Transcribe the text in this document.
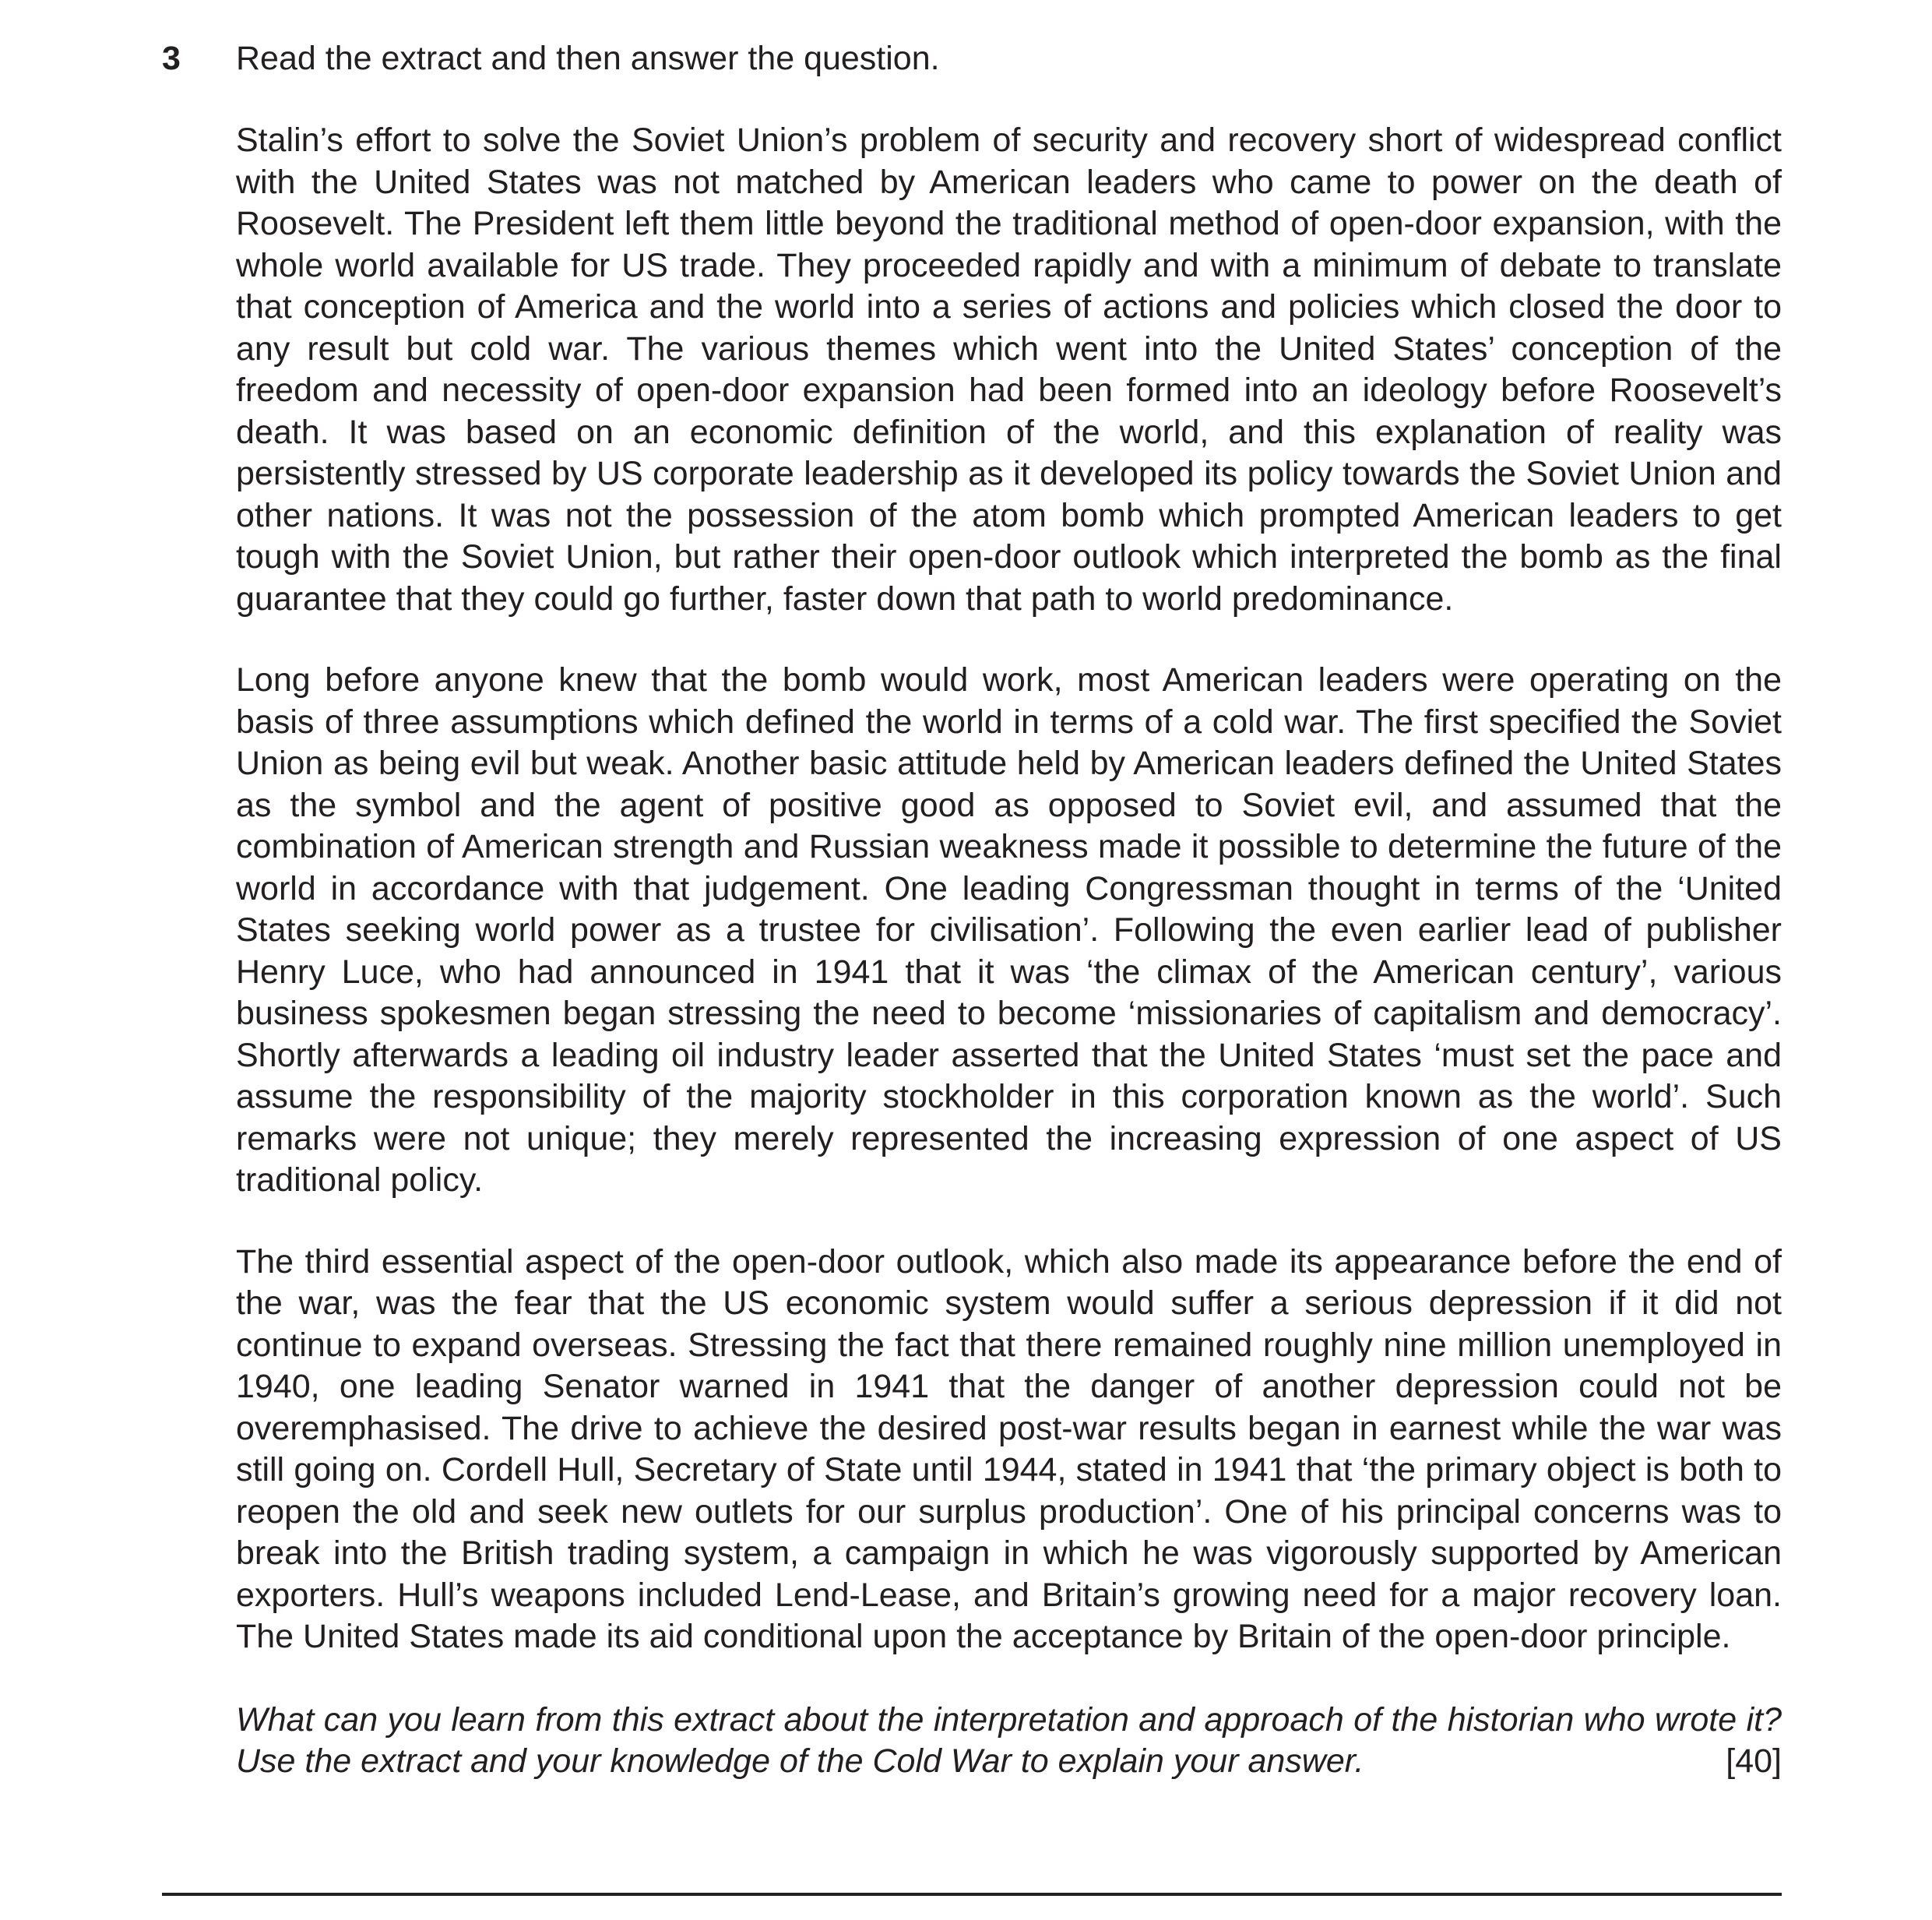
3 Read the extract and then answer the question.

Stalin’s effort to solve the Soviet Union’s problem of security and recovery short of widespread conflict with the United States was not matched by American leaders who came to power on the death of Roosevelt. The President left them little beyond the traditional method of open-door expansion, with the whole world available for US trade. They proceeded rapidly and with a minimum of debate to translate that conception of America and the world into a series of actions and policies which closed the door to any result but cold war. The various themes which went into the United States’ conception of the freedom and necessity of open-door expansion had been formed into an ideology before Roosevelt’s death. It was based on an economic definition of the world, and this explanation of reality was persistently stressed by US corporate leadership as it developed its policy towards the Soviet Union and other nations. It was not the possession of the atom bomb which prompted American leaders to get tough with the Soviet Union, but rather their open-door outlook which interpreted the bomb as the final guarantee that they could go further, faster down that path to world predominance.

Long before anyone knew that the bomb would work, most American leaders were operating on the basis of three assumptions which defined the world in terms of a cold war. The first specified the Soviet Union as being evil but weak. Another basic attitude held by American leaders defined the United States as the symbol and the agent of positive good as opposed to Soviet evil, and assumed that the combination of American strength and Russian weakness made it possible to determine the future of the world in accordance with that judgement. One leading Congressman thought in terms of the ‘United States seeking world power as a trustee for civilisation’. Following the even earlier lead of publisher Henry Luce, who had announced in 1941 that it was ‘the climax of the American century’, various business spokesmen began stressing the need to become ‘missionaries of capitalism and democracy’. Shortly afterwards a leading oil industry leader asserted that the United States ‘must set the pace and assume the responsibility of the majority stockholder in this corporation known as the world’. Such remarks were not unique; they merely represented the increasing expression of one aspect of US traditional policy.

The third essential aspect of the open-door outlook, which also made its appearance before the end of the war, was the fear that the US economic system would suffer a serious depression if it did not continue to expand overseas. Stressing the fact that there remained roughly nine million unemployed in 1940, one leading Senator warned in 1941 that the danger of another depression could not be overemphasised. The drive to achieve the desired post-war results began in earnest while the war was still going on. Cordell Hull, Secretary of State until 1944, stated in 1941 that ‘the primary object is both to reopen the old and seek new outlets for our surplus production’. One of his principal concerns was to break into the British trading system, a campaign in which he was vigorously supported by American exporters. Hull’s weapons included Lend-Lease, and Britain’s growing need for a major recovery loan. The United States made its aid conditional upon the acceptance by Britain of the open-door principle.

What can you learn from this extract about the interpretation and approach of the historian who wrote it? Use the extract and your knowledge of the Cold War to explain your answer.	[40]
